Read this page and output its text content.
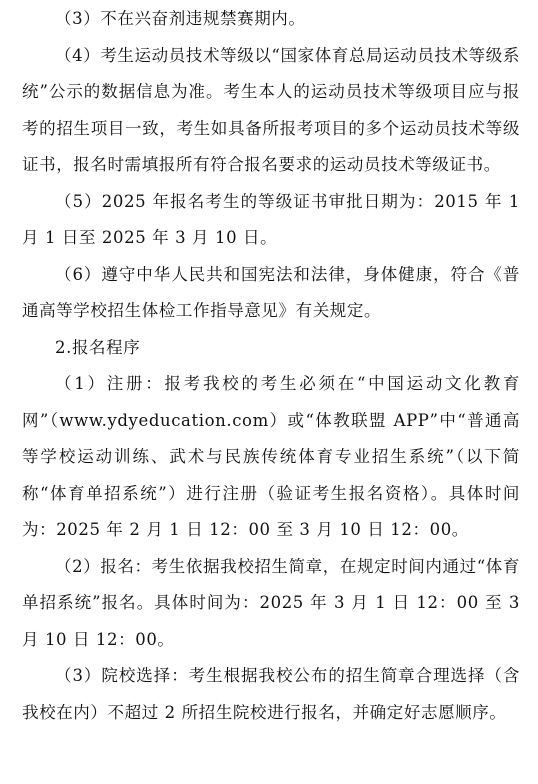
（3）不在兴奋剂违规禁赛期内。

（4）考生运动员技术等级以“国家体育总局运动员技术等级系统”公示的数据信息为准。考生本人的运动员技术等级项目应与报考的招生项目一致，考生如具备所报考项目的多个运动员技术等级证书，报名时需填报所有符合报名要求的运动员技术等级证书。

（5）2025 年报名考生的等级证书审批日期为：2015 年 1 月 1 日至 2025 年 3 月 10 日。

（6）遵守中华人民共和国宪法和法律，身体健康，符合《普通高等学校招生体检工作指导意见》有关规定。

2.报名程序

（1）注册：报考我校的考生必须在“中国运动文化教育网”（www.ydyeducation.com）或“体教联盟 APP”中“普通高等学校运动训练、武术与民族传统体育专业招生系统”（以下简称“体育单招系统”）进行注册（验证考生报名资格）。具体时间为：2025 年 2 月 1 日 12：00 至 3 月 10 日 12：00。

（2）报名：考生依据我校招生简章，在规定时间内通过“体育单招系统”报名。具体时间为：2025 年 3 月 1 日 12：00 至 3 月 10 日 12：00。

（3）院校选择：考生根据我校公布的招生简章合理选择（含我校在内）不超过 2 所招生院校进行报名，并确定好志愿顺序。
